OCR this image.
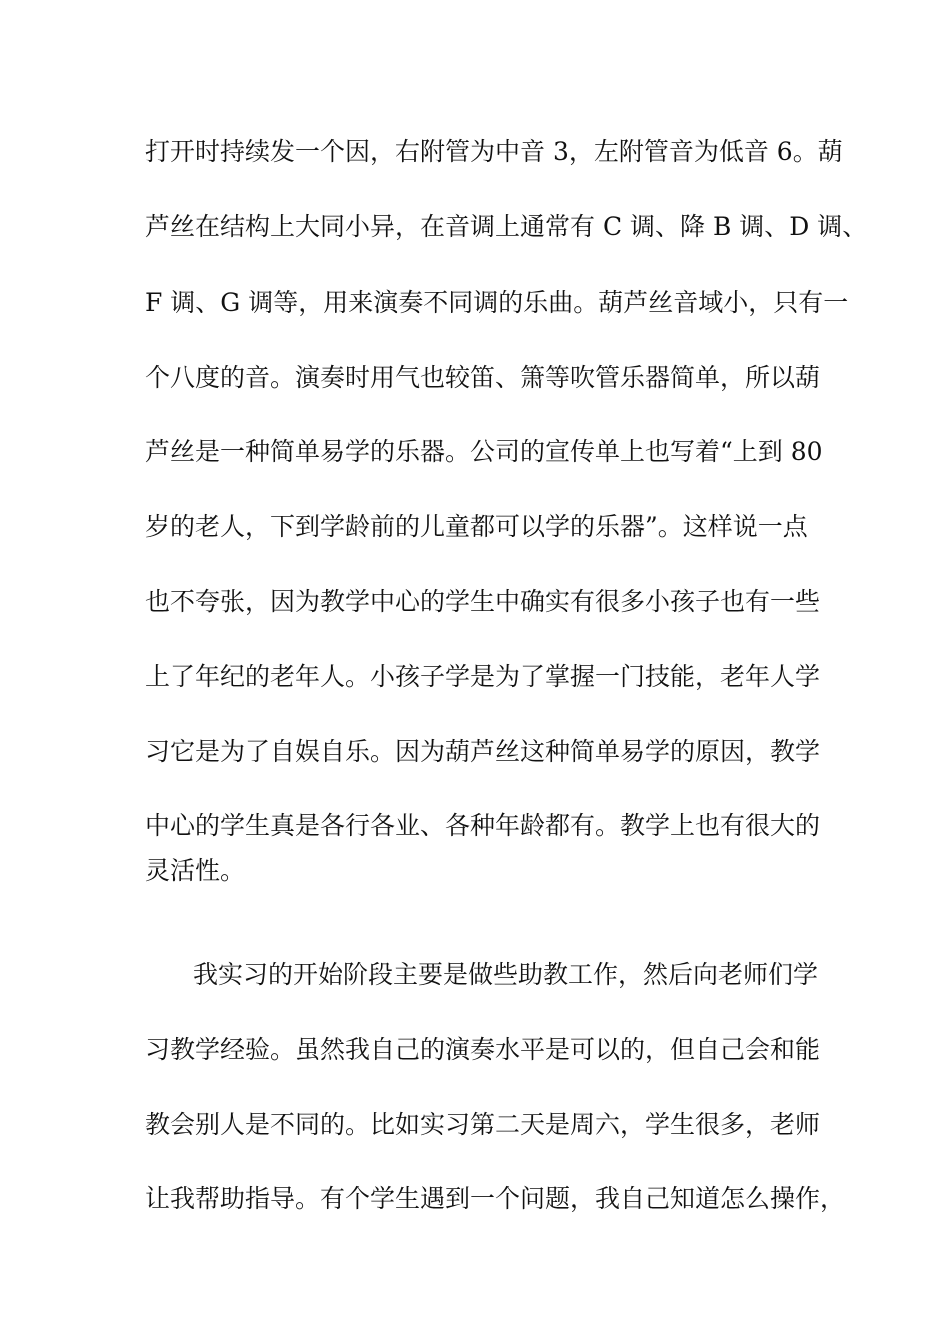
打开时持续发一个因，右附管为中音 3，左附管音为低音 6。葫
芦丝在结构上大同小异，在音调上通常有 C 调、降 B 调、D 调、
F 调、G 调等，用来演奏不同调的乐曲。葫芦丝音域小，只有一
个八度的音。演奏时用气也较笛、箫等吹管乐器简单，所以葫
芦丝是一种简单易学的乐器。公司的宣传单上也写着“上到 80
岁的老人，下到学龄前的儿童都可以学的乐器”。这样说一点
也不夸张，因为教学中心的学生中确实有很多小孩子也有一些
上了年纪的老年人。小孩子学是为了掌握一门技能，老年人学
习它是为了自娱自乐。因为葫芦丝这种简单易学的原因，教学
中心的学生真是各行各业、各种年龄都有。教学上也有很大的
灵活性。
我实习的开始阶段主要是做些助教工作，然后向老师们学
习教学经验。虽然我自己的演奏水平是可以的，但自己会和能
教会别人是不同的。比如实习第二天是周六，学生很多，老师
让我帮助指导。有个学生遇到一个问题，我自己知道怎么操作，
